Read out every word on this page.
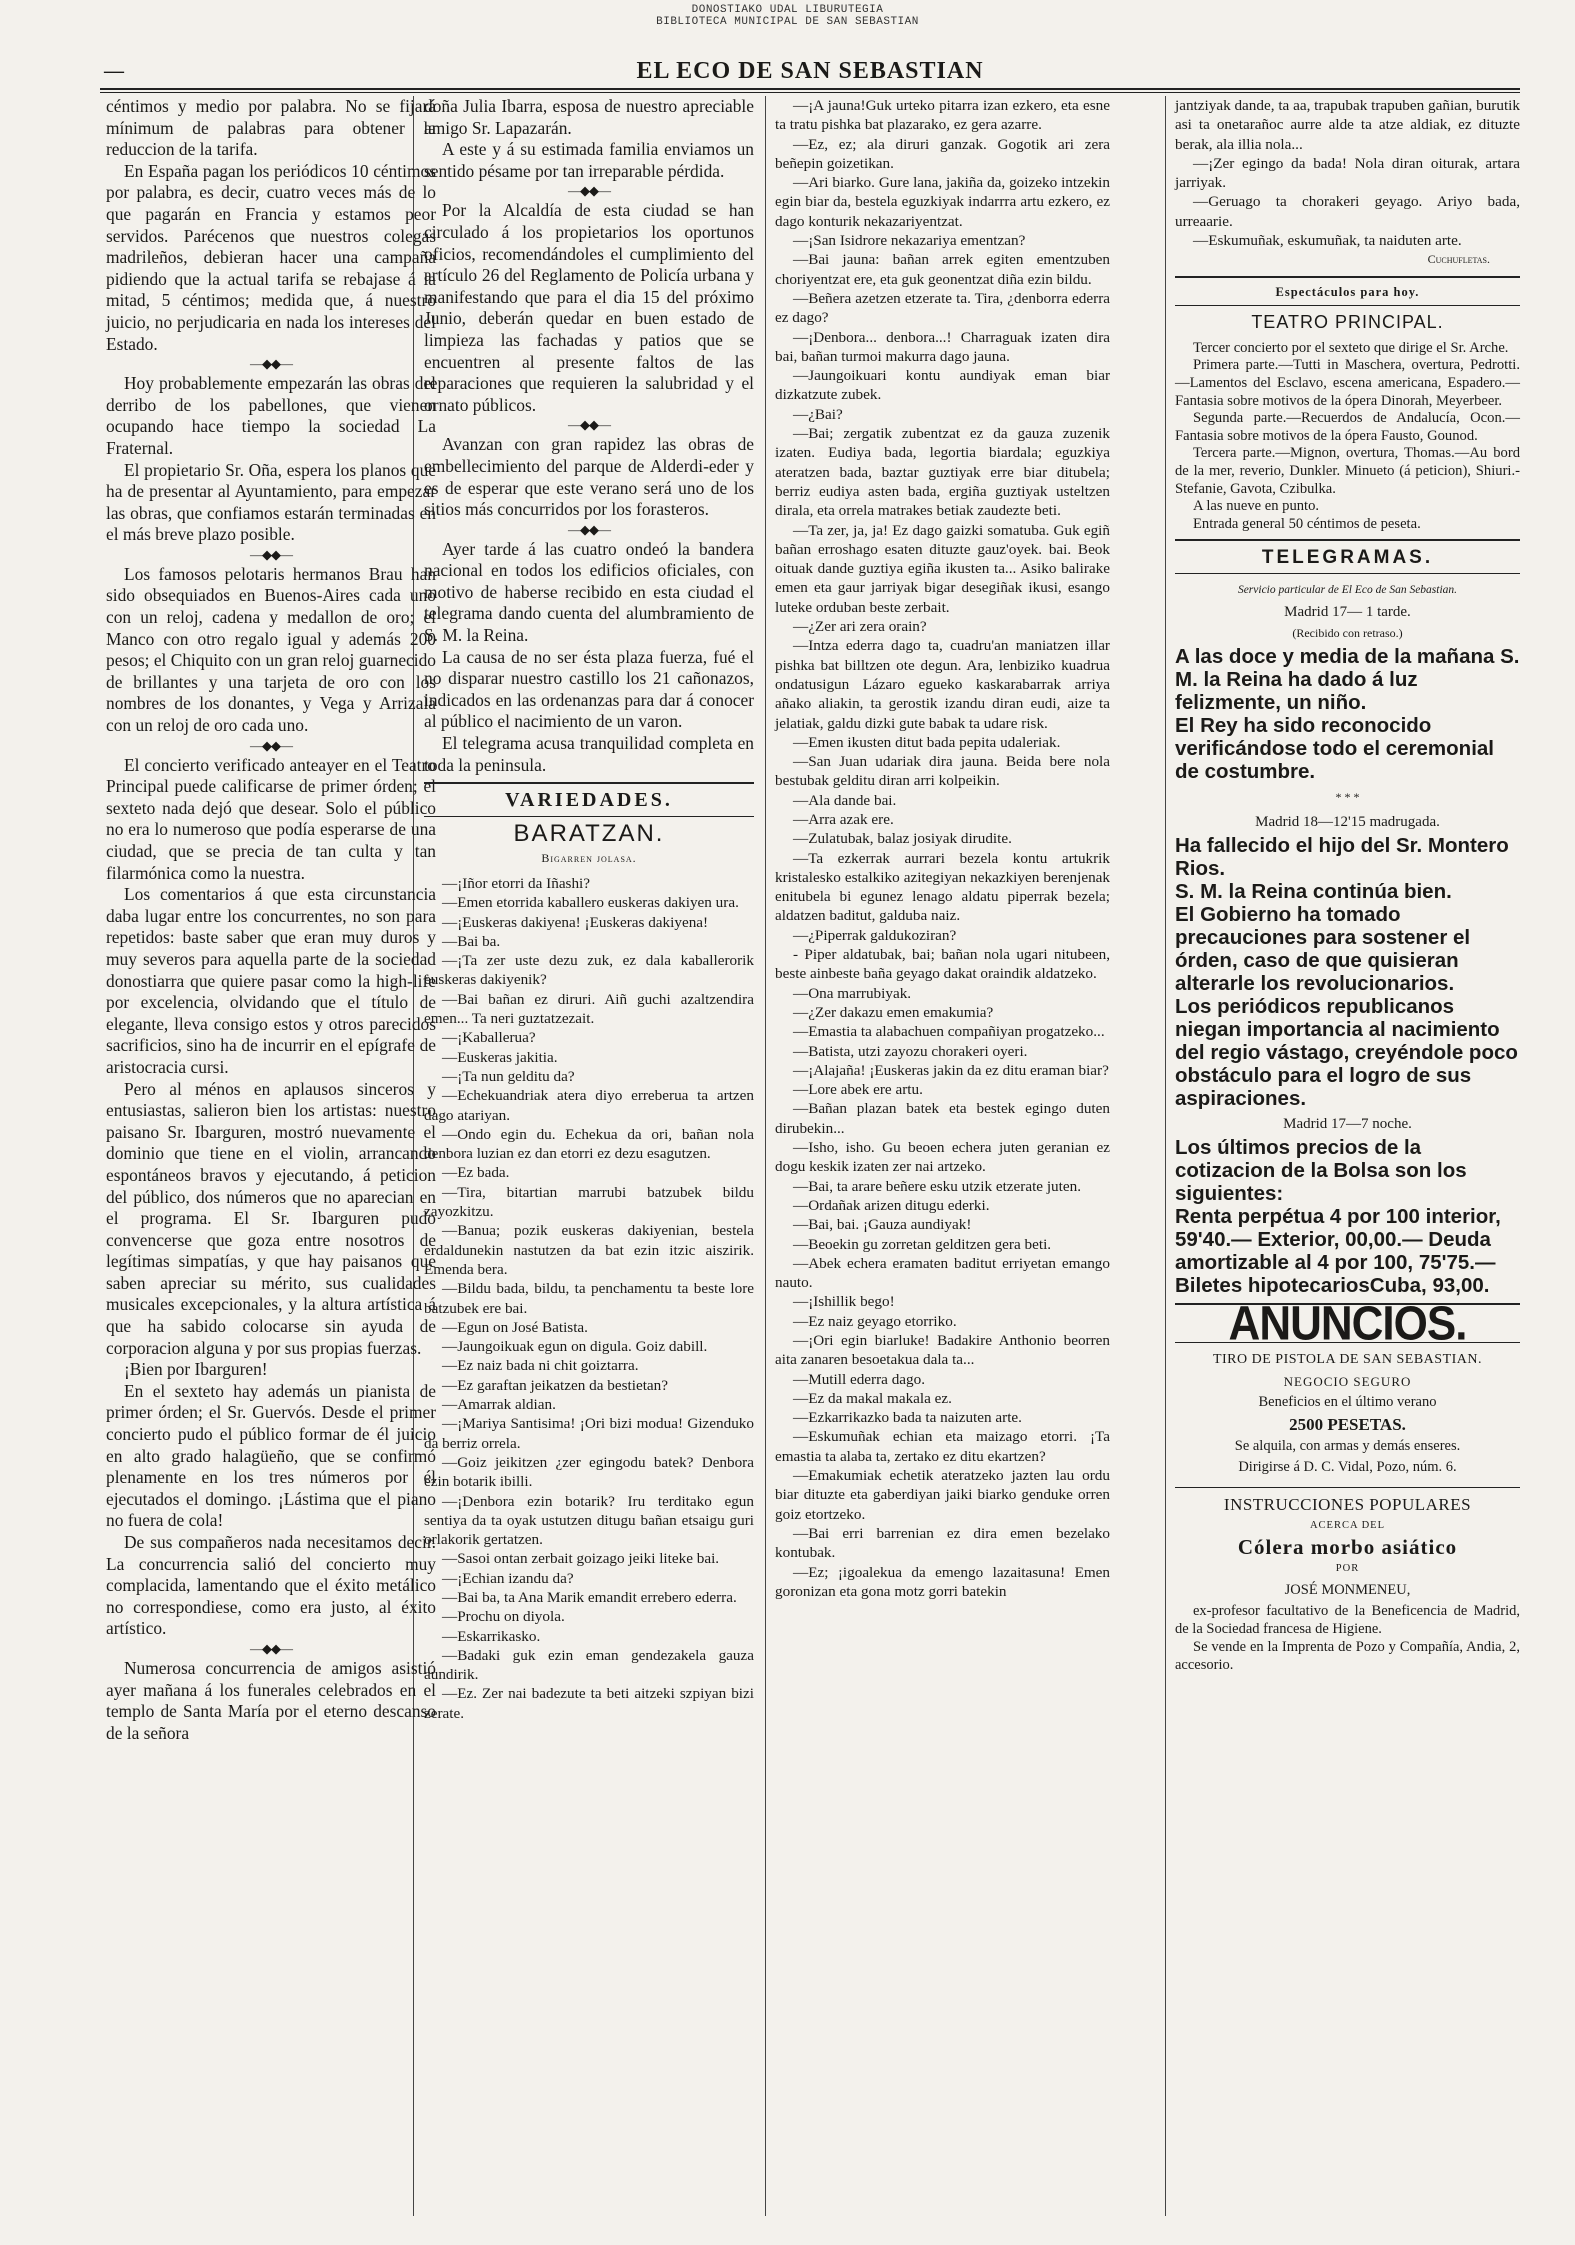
DONOSTIAKO UDAL LIBURUTEGIA
BIBLIOTECA MUNICIPAL DE SAN SEBASTIAN
—	EL ECO DE SAN SEBASTIAN

céntimos y medio por palabra. No se fijará mínimum de palabras para obtener la reduccion de la tarifa.

En España pagan los periódicos 10 céntimos por palabra, es decir, cuatro veces más de lo que pagarán en Francia y estamos peor servidos. Parécenos que nuestros colegas madrileños, debieran hacer una campaña pidiendo que la actual tarifa se rebajase á la mitad, 5 céntimos; medida que, á nuestro juicio, no perjudicaria en nada los intereses del Estado.

—◆◆—

Hoy probablemente empezarán las obras del derribo de los pabellones, que vienen ocupando hace tiempo la sociedad La Fraternal.

El propietario Sr. Oña, espera los planos que ha de presentar al Ayuntamiento, para empezar las obras, que confiamos estarán terminadas en el más breve plazo posible.

—◆◆—

Los famosos pelotaris hermanos Brau han sido obsequiados en Buenos-Aires cada uno con un reloj, cadena y medallon de oro; el Manco con otro regalo igual y además 200 pesos; el Chiquito con un gran reloj guarnecido de brillantes y una tarjeta de oro con los nombres de los donantes, y Vega y Arrizala con un reloj de oro cada uno.

—◆◆—

El concierto verificado anteayer en el Teatro Principal puede calificarse de primer órden; el sexteto nada dejó que desear. Solo el público no era lo numeroso que podía esperarse de una ciudad, que se precia de tan culta y tan filarmónica como la nuestra.

Los comentarios á que esta circunstancia daba lugar entre los concurrentes, no son para repetidos: baste saber que eran muy duros y muy severos para aquella parte de la sociedad donostiarra que quiere pasar como la high-life por excelencia, olvidando que el título de elegante, lleva consigo estos y otros parecidos sacrificios, sino ha de incurrir en el epígrafe de aristocracia cursi.

Pero al ménos en aplausos sinceros y entusiastas, salieron bien los artistas: nuestro paisano Sr. Ibarguren, mostró nuevamente el dominio que tiene en el violin, arrancando espontáneos bravos y ejecutando, á peticion del público, dos números que no aparecian en el programa. El Sr. Ibarguren pudo convencerse que goza entre nosotros de legítimas simpatías, y que hay paisanos que saben apreciar su mérito, sus cualidades musicales excepcionales, y la altura artística á que ha sabido colocarse sin ayuda de corporacion alguna y por sus propias fuerzas.

¡Bien por Ibarguren!

En el sexteto hay además un pianista de primer órden; el Sr. Guervós. Desde el primer concierto pudo el público formar de él juicio en alto grado halagüeño, que se confirmó plenamente en los tres números por él ejecutados el domingo. ¡Lástima que el piano no fuera de cola!

De sus compañeros nada necesitamos decir. La concurrencia salió del concierto muy complacida, lamentando que el éxito metálico no correspondiese, como era justo, al éxito artístico.

—◆◆—

Numerosa concurrencia de amigos asistió ayer mañana á los funerales celebrados en el templo de Santa María por el eterno descanso de la señora

doña Julia Ibarra, esposa de nuestro apreciable amigo Sr. Lapazarán.

A este y á su estimada familia enviamos un sentido pésame por tan irreparable pérdida.

—◆◆—

Por la Alcaldía de esta ciudad se han circulado á los propietarios los oportunos oficios, recomendándoles el cumplimiento del artículo 26 del Reglamento de Policía urbana y manifestando que para el dia 15 del próximo Junio, deberán quedar en buen estado de limpieza las fachadas y patios que se encuentren al presente faltos de las reparaciones que requieren la salubridad y el ornato públicos.

—◆◆—

Avanzan con gran rapidez las obras de embellecimiento del parque de Alderdi-eder y es de esperar que este verano será uno de los sitios más concurridos por los forasteros.

—◆◆—

Ayer tarde á las cuatro ondeó la bandera nacional en todos los edificios oficiales, con motivo de haberse recibido en esta ciudad el telegrama dando cuenta del alumbramiento de S. M. la Reina.

La causa de no ser ésta plaza fuerza, fué el no disparar nuestro castillo los 21 cañonazos, indicados en las ordenanzas para dar á conocer al público el nacimiento de un varon.

El telegrama acusa tranquilidad completa en toda la peninsula.

VARIEDADES.
BARATZAN.
Bigarren jolasa.

—¡Iñor etorri da Iñashi?

—Emen etorrida kaballero euskeras dakiyen ura.

—¡Euskeras dakiyena! ¡Euskeras dakiyena!

—Bai ba.

—¡Ta zer uste dezu zuk, ez dala kaballerorik euskeras dakiyenik?

—Bai bañan ez diruri. Aiñ guchi azaltzendira emen... Ta neri guztatzezait.

—¡Kaballerua?

—Euskeras jakitia.

—¡Ta nun gelditu da?

—Echekuandriak atera diyo erreberua ta artzen dago atariyan.

—Ondo egin du. Echekua da ori, bañan nola denbora luzian ez dan etorri ez dezu esagutzen.

—Ez bada.

—Tira, bitartian marrubi batzubek bildu zayozkitzu.

—Banua; pozik euskeras dakiyenian, bestela erdaldunekin nastutzen da bat ezin itzic aiszirik. Emenda bera.

—Bildu bada, bildu, ta penchamentu ta beste lore batzubek ere bai.

—Egun on José Batista.

—Jaungoikuak egun on digula. Goiz dabill.

—Ez naiz bada ni chit goiztarra.

—Ez garaftan jeikatzen da bestietan?

—Amarrak aldian.

—¡Mariya Santisima! ¡Ori bizi modua! Gizenduko da berriz orrela.

—Goiz jeikitzen ¿zer egingodu batek? Denbora ezin botarik ibilli.

—¡Denbora ezin botarik? Iru terditako egun sentiya da ta oyak ustutzen ditugu bañan etsaigu guri orlakorik gertatzen.

—Sasoi ontan zerbait goizago jeiki liteke bai.

—¡Echian izandu da?

—Bai ba, ta Ana Marik emandit errebero ederra.

—Prochu on diyola.

—Eskarrikasko.

—Badaki guk ezin eman gendezakela gauza aundirik.

—Ez. Zer nai badezute ta beti aitzeki szpiyan bizi zerate.

—¡A jauna!Guk urteko pitarra izan ezkero, eta esne ta tratu pishka bat plazarako, ez gera azarre.

—Ez, ez; ala diruri ganzak. Gogotik ari zera beñepin goizetikan.

—Ari biarko. Gure lana, jakiña da, goizeko intzekin egin biar da, bestela eguzkiyak indarrra artu ezkero, ez dago konturik nekazariyentzat.

—¡San Isidrore nekazariya ementzan?

—Bai jauna: bañan arrek egiten ementzuben choriyentzat ere, eta guk geonentzat diña ezin bildu.

—Beñera azetzen etzerate ta. Tira, ¿denborra ederra ez dago?

—¡Denbora... denbora...! Charraguak izaten dira bai, bañan turmoi makurra dago jauna.

—Jaungoikuari kontu aundiyak eman biar dizkatzute zubek.

—¿Bai?

—Bai; zergatik zubentzat ez da gauza zuzenik izaten. Eudiya bada, legortia biardala; eguzkiya ateratzen bada, baztar guztiyak erre biar ditubela; berriz eudiya asten bada, ergiña guztiyak usteltzen dirala, eta orrela matrakes betiak zaudezte beti.

—Ta zer, ja, ja! Ez dago gaizki somatuba. Guk egiñ bañan erroshago esaten dituzte gauz'oyek. bai. Beok oituak dande guztiya egiña ikusten ta... Asiko balirake emen eta gaur jarriyak bigar desegiñak ikusi, esango luteke orduban beste zerbait.

—¿Zer ari zera orain?

—Intza ederra dago ta, cuadru'an maniatzen illar pishka bat billtzen ote degun. Ara, lenbiziko kuadrua ondatusigun Lázaro egueko kaskarabarrak arriya añako aliakin, ta gerostik izandu diran eudi, aize ta jelatiak, galdu dizki gute babak ta udare risk.

—Emen ikusten ditut bada pepita udaleriak.

—San Juan udariak dira jauna. Beida bere nola bestubak gelditu diran arri kolpeikin.

—Ala dande bai.

—Arra azak ere.

—Zulatubak, balaz josiyak dirudite.

—Ta ezkerrak aurrari bezela kontu artukrik kristalesko estalkiko azitegiyan nekazkiyen berenjenak enitubela bi egunez lenago aldatu piperrak bezela; aldatzen baditut, galduba naiz.

—¿Piperrak galdukoziran?

- Piper aldatubak, bai; bañan nola ugari nitubeen, beste ainbeste baña geyago dakat oraindik aldatzeko.

—Ona marrubiyak.

—¿Zer dakazu emen emakumia?

—Emastia ta alabachuen compañiyan progatzeko...

—Batista, utzi zayozu chorakeri oyeri.

—¡Alajaña! ¡Euskeras jakin da ez ditu eraman biar?

—Lore abek ere artu.

—Bañan plazan batek eta bestek egingo duten dirubekin...

—Isho, isho. Gu beoen echera juten geranian ez dogu keskik izaten zer nai artzeko.

—Bai, ta arare beñere esku utzik etzerate juten.

—Ordañak arizen ditugu ederki.

—Bai, bai. ¡Gauza aundiyak!

—Beoekin gu zorretan gelditzen gera beti.

—Abek echera eramaten baditut erriyetan emango nauto.

—¡Ishillik bego!

—Ez naiz geyago etorriko.

—¡Ori egin biarluke! Badakire Anthonio beorren aita zanaren besoetakua dala ta...

—Mutill ederra dago.

—Ez da makal makala ez.

—Ezkarrikazko bada ta naizuten arte.

—Eskumuñak echian eta maizago etorri. ¡Ta emastia ta alaba ta, zertako ez ditu ekartzen?

—Emakumiak echetik ateratzeko jazten lau ordu biar dituzte eta gaberdiyan jaiki biarko genduke orren goiz etortzeko.

—Bai erri barrenian ez dira emen bezelako kontubak.

—Ez; ¡igoalekua da emengo lazaitasuna! Emen goronizan eta gona motz gorri batekin

jantziyak dande, ta aa, trapubak trapuben gañian, burutik asi ta onetarañoc aurre alde ta atze aldiak, ez dituzte berak, ala illia nola...

—¡Zer egingo da bada! Nola diran oiturak, artara jarriyak.

—Geruago ta chorakeri geyago. Ariyo bada, urreaarie.

—Eskumuñak, eskumuñak, ta naiduten arte.

Cuchufletas.

Espectáculos para hoy.
TEATRO PRINCIPAL.

Tercer concierto por el sexteto que dirige el Sr. Arche.

Primera parte.—Tutti in Maschera, overtura, Pedrotti.—Lamentos del Esclavo, escena americana, Espadero.—Fantasia sobre motivos de la ópera Dinorah, Meyerbeer.

Segunda parte.—Recuerdos de Andalucía, Ocon.—Fantasia sobre motivos de la ópera Fausto, Gounod.

Tercera parte.—Mignon, overtura, Thomas.—Au bord de la mer, reverio, Dunkler. Minueto (á peticion), Shiuri.- Stefanie, Gavota, Czibulka.

A las nueve en punto.

Entrada general 50 céntimos de peseta.

TELEGRAMAS.
Servicio particular de El Eco de San Sebastian.
Madrid 17— 1 tarde.
(Recibido con retraso.)

A las doce y media de la mañana S. M. la Reina ha dado á luz felizmente, un niño.

El Rey ha sido reconocido verificándose todo el ceremonial de costumbre.

* * *
Madrid 18—12'15 madrugada.

Ha fallecido el hijo del Sr. Montero Rios.

S. M. la Reina continúa bien.

El Gobierno ha tomado precauciones para sostener el órden, caso de que quisieran alterarle los revolucionarios.

Los periódicos republicanos niegan importancia al nacimiento del regio vástago, creyéndole poco obstáculo para el logro de sus aspiraciones.

Madrid 17—7 noche.

Los últimos precios de la cotizacion de la Bolsa son los siguientes:

Renta perpétua 4 por 100 interior, 59'40.— Exterior, 00,00.— Deuda amortizable al 4 por 100, 75'75.—Biletes hipotecariosCuba, 93,00.

ANUNCIOS.
TIRO DE PISTOLA DE SAN SEBASTIAN.
NEGOCIO SEGURO
Beneficios en el último verano
2500 PESETAS.
Se alquila, con armas y demás enseres.
Dirigirse á D. C. Vidal, Pozo, núm. 6.
INSTRUCCIONES POPULARES
ACERCA DEL
Cólera morbo asiático
POR
JOSÉ MONMENEU,

ex-profesor facultativo de la Beneficencia de Madrid, de la Sociedad francesa de Higiene.

Se vende en la Imprenta de Pozo y Compañía, Andia, 2, accesorio.
